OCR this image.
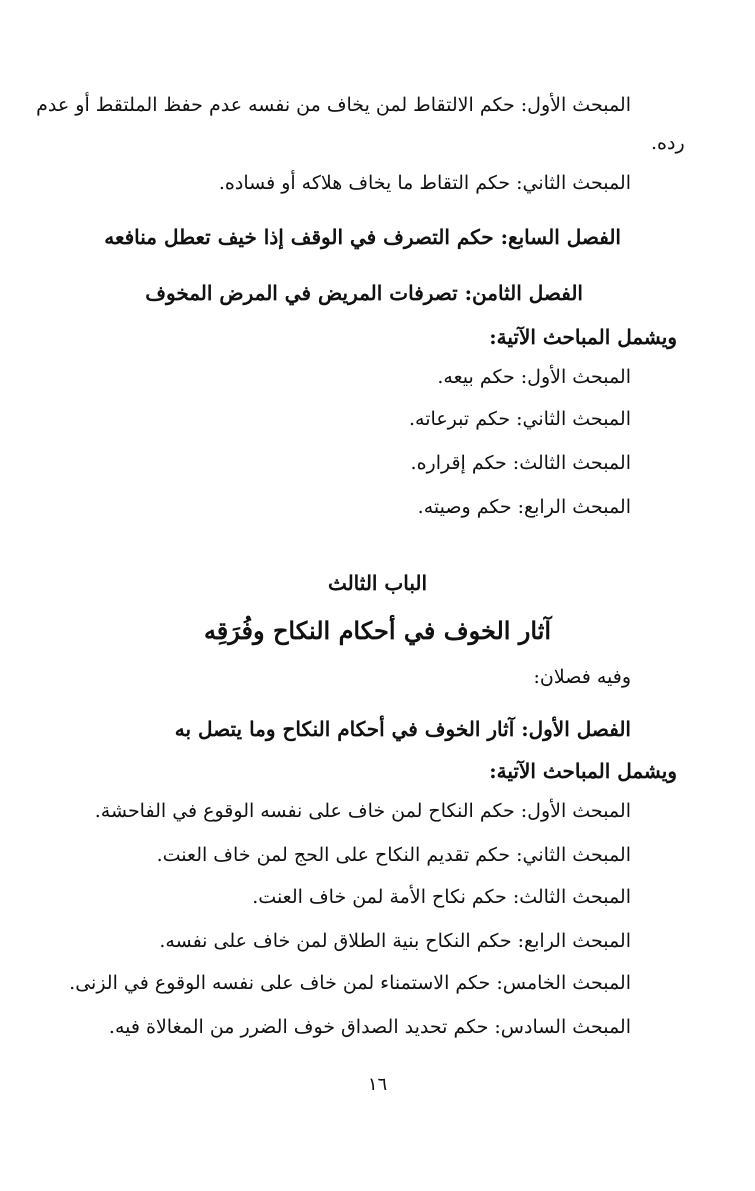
المبحث الأول: حكم الالتقاط لمن يخاف من نفسه عدم حفظ الملتقط أو عدم
رده.
المبحث الثاني: حكم التقاط ما يخاف هلاكه أو فساده.
الفصل السابع: حكم التصرف في الوقف إذا خيف تعطل منافعه
الفصل الثامن: تصرفات المريض في المرض المخوف
ويشمل المباحث الآتية:
المبحث الأول: حكم بيعه.
المبحث الثاني: حكم تبرعاته.
المبحث الثالث: حكم إقراره.
المبحث الرابع: حكم وصيته.
الباب الثالث
آثار الخوف في أحكام النكاح وفُرَقِه
وفيه فصلان:
الفصل الأول: آثار الخوف في أحكام النكاح وما يتصل به
ويشمل المباحث الآتية:
المبحث الأول: حكم النكاح لمن خاف على نفسه الوقوع في الفاحشة.
المبحث الثاني: حكم تقديم النكاح على الحج لمن خاف العنت.
المبحث الثالث: حكم نكاح الأمة لمن خاف العنت.
المبحث الرابع: حكم النكاح بنية الطلاق لمن خاف على نفسه.
المبحث الخامس: حكم الاستمناء لمن خاف على نفسه الوقوع في الزنى.
المبحث السادس: حكم تحديد الصداق خوف الضرر من المغالاة فيه.
١٦
